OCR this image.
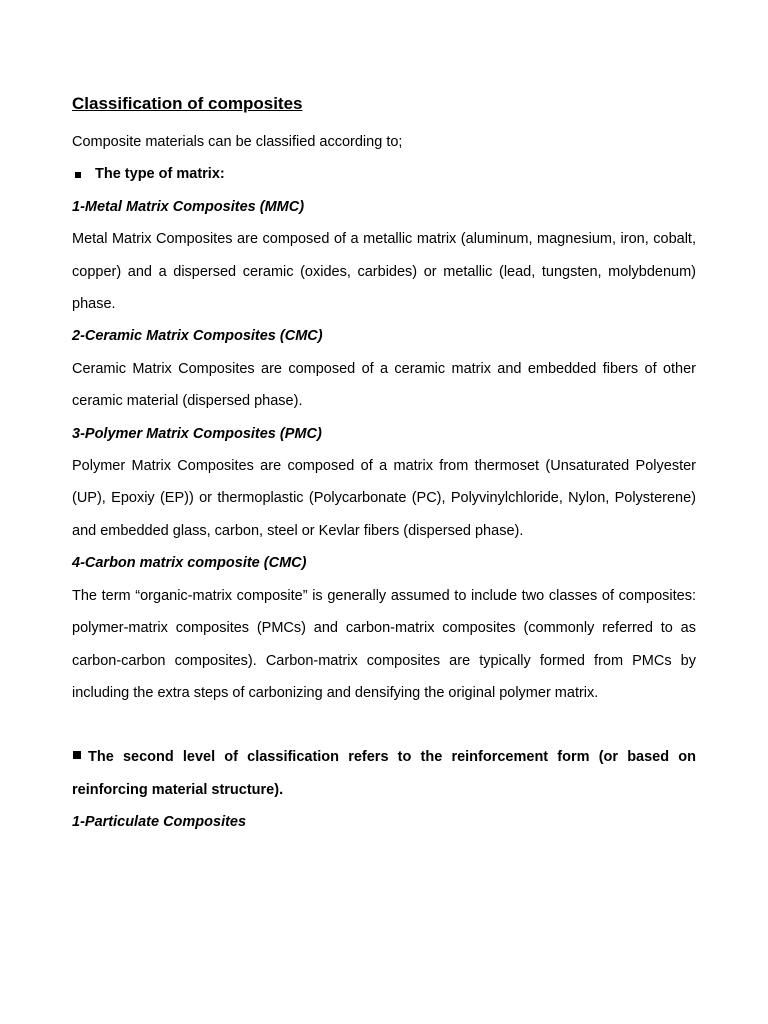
Classification of composites

Composite materials can be classified according to;

The type of matrix:

1-Metal Matrix Composites (MMC)

Metal Matrix Composites are composed of a metallic matrix (aluminum, magnesium, iron, cobalt, copper) and a dispersed ceramic (oxides, carbides) or metallic (lead, tungsten, molybdenum) phase.

2-Ceramic Matrix Composites (CMC)

Ceramic Matrix Composites are composed of a ceramic matrix and embedded fibers of other ceramic material (dispersed phase).

3-Polymer Matrix Composites (PMC)

Polymer Matrix Composites are composed of a matrix from thermoset (Unsaturated Polyester (UP), Epoxiy (EP)) or thermoplastic (Polycarbonate (PC), Polyvinylchloride, Nylon, Polysterene) and embedded glass, carbon, steel or Kevlar fibers (dispersed phase).

4-Carbon matrix composite (CMC)

The term “organic-matrix composite” is generally assumed to include two classes of composites: polymer-matrix composites (PMCs) and carbon-matrix composites (commonly referred to as carbon-carbon composites). Carbon-matrix composites are typically formed from PMCs by including the extra steps of carbonizing and densifying the original polymer matrix.

The second level of classification refers to the reinforcement form (or based on reinforcing material structure).

1-Particulate Composites
